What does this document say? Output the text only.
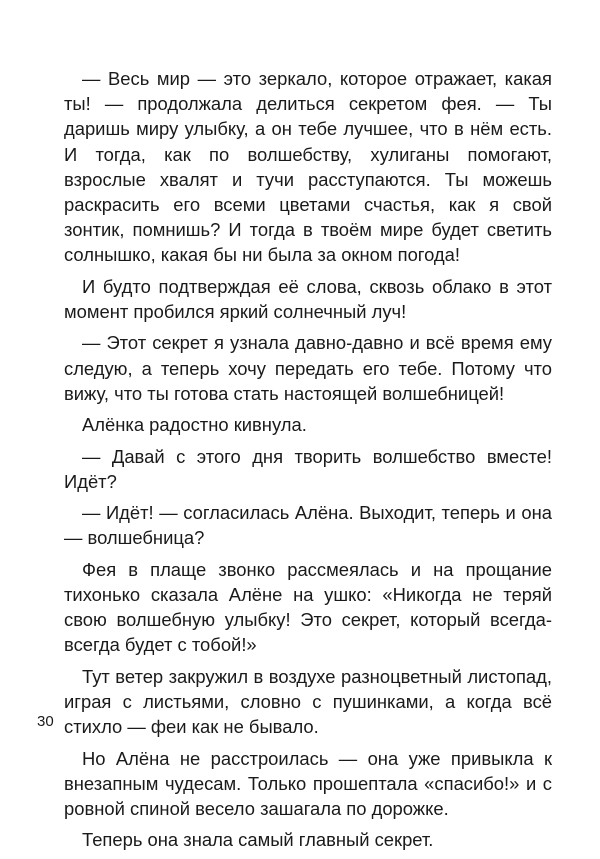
— Весь мир — это зеркало, которое отражает, какая ты! — продолжала делиться секретом фея. — Ты даришь миру улыбку, а он тебе лучшее, что в нём есть. И тогда, как по волшебству, хулиганы помогают, взрослые хвалят и тучи расступаются. Ты можешь раскрасить его всеми цветами счастья, как я свой зонтик, помнишь? И тогда в твоём мире будет светить солнышко, какая бы ни была за окном погода!

И будто подтверждая её слова, сквозь облако в этот момент пробился яркий солнечный луч!

— Этот секрет я узнала давно-давно и всё время ему следую, а теперь хочу передать его тебе. Потому что вижу, что ты готова стать настоящей волшебницей!

Алёнка радостно кивнула.

— Давай с этого дня творить волшебство вместе! Идёт?

— Идёт! — согласилась Алёна. Выходит, теперь и она — волшебница?

Фея в плаще звонко рассмеялась и на прощание тихонько сказала Алёне на ушко: «Никогда не теряй свою волшебную улыбку! Это секрет, который всегда-всегда будет с тобой!»

Тут ветер закружил в воздухе разноцветный листопад, играя с листьями, словно с пушинками, а когда всё стихло — феи как не бывало.

Но Алёна не расстроилась — она уже привыкла к внезапным чудесам. Только прошептала «спасибо!» и с ровной спиной весело зашагала по дорожке.

Теперь она знала самый главный секрет.

30
